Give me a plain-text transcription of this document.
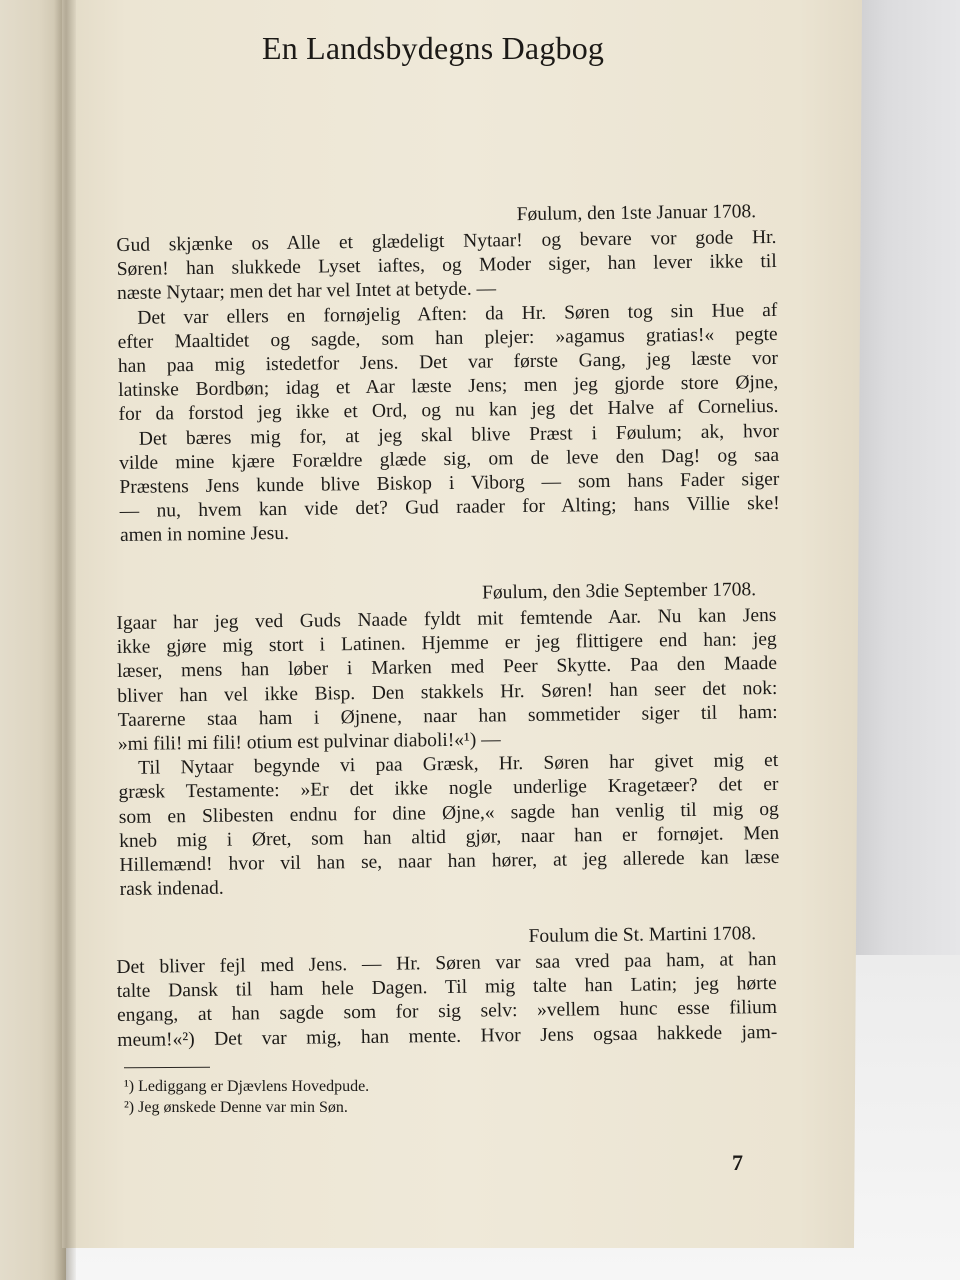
En Landsbydegns Dagbog
Føulum, den 1ste Januar 1708.
Gud skjænke os Alle et glædeligt Nytaar! og bevare vor gode Hr.
Søren! han slukkede Lyset iaftes, og Moder siger, han lever ikke til
næste Nytaar; men det har vel Intet at betyde. —
Det var ellers en fornøjelig Aften: da Hr. Søren tog sin Hue af
efter Maaltidet og sagde, som han plejer: »agamus gratias!« pegte
han paa mig istedetfor Jens. Det var første Gang, jeg læste vor
latinske Bordbøn; idag et Aar læste Jens; men jeg gjorde store Øjne,
for da forstod jeg ikke et Ord, og nu kan jeg det Halve af Cornelius.
Det bæres mig for, at jeg skal blive Præst i Føulum; ak, hvor
vilde mine kjære Forældre glæde sig, om de leve den Dag! og saa
Præstens Jens kunde blive Biskop i Viborg — som hans Fader siger
— nu, hvem kan vide det? Gud raader for Alting; hans Villie ske!
amen in nomine Jesu.
Føulum, den 3die September 1708.
Igaar har jeg ved Guds Naade fyldt mit femtende Aar. Nu kan Jens
ikke gjøre mig stort i Latinen. Hjemme er jeg flittigere end han: jeg
læser, mens han løber i Marken med Peer Skytte. Paa den Maade
bliver han vel ikke Bisp. Den stakkels Hr. Søren! han seer det nok:
Taarerne staa ham i Øjnene, naar han sommetider siger til ham:
»mi fili! mi fili! otium est pulvinar diaboli!«¹) —
Til Nytaar begynde vi paa Græsk, Hr. Søren har givet mig et
græsk Testamente: »Er det ikke nogle underlige Kragetæer? det er
som en Slibesten endnu for dine Øjne,« sagde han venlig til mig og
kneb mig i Øret, som han altid gjør, naar han er fornøjet. Men
Hillemænd! hvor vil han se, naar han hører, at jeg allerede kan læse
rask indenad.
Foulum die St. Martini 1708.
Det bliver fejl med Jens. — Hr. Søren var saa vred paa ham, at han
talte Dansk til ham hele Dagen. Til mig talte han Latin; jeg hørte
engang, at han sagde som for sig selv: »vellem hunc esse filium
meum!«²) Det var mig, han mente. Hvor Jens ogsaa hakkede jam-
¹) Lediggang er Djævlens Hovedpude.
²) Jeg ønskede Denne var min Søn.
7
